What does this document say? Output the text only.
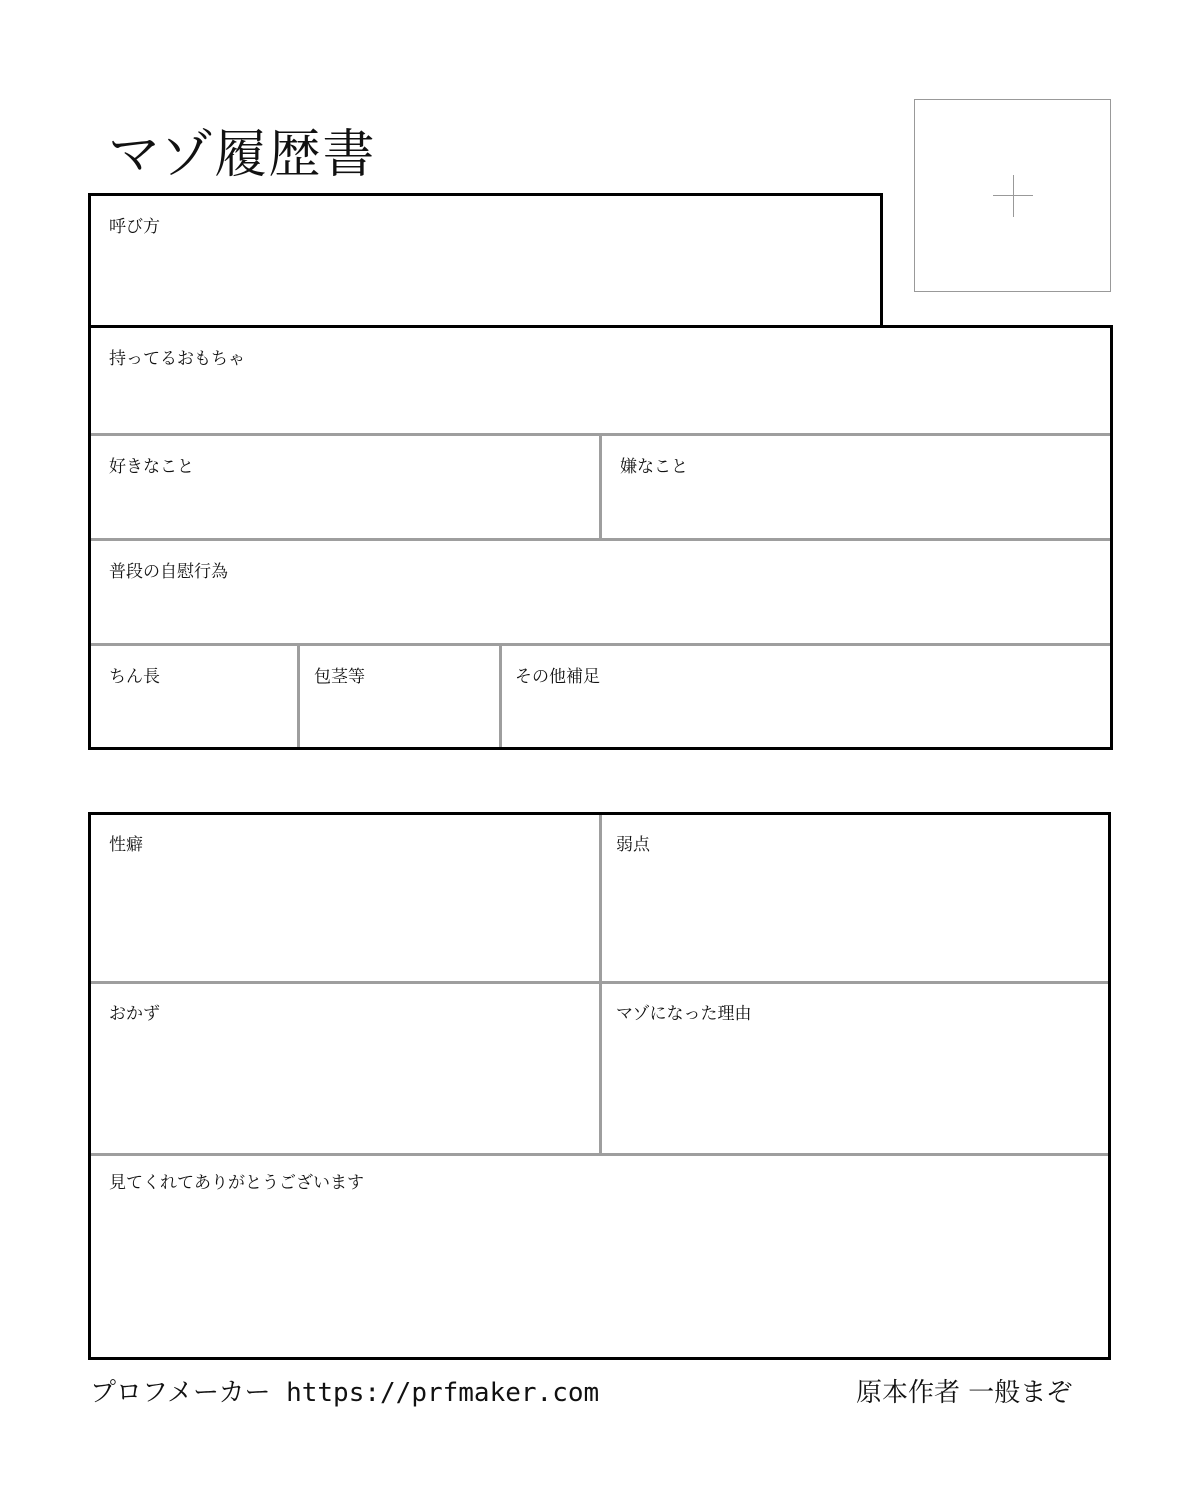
マゾ履歴書
呼び方
持ってるおもちゃ
好きなこと	嫌なこと
普段の自慰行為
ちん長	包茎等	その他補足
性癖	弱点
おかず	マゾになった理由
見てくれてありがとうございます
プロフメーカー https://prfmaker.com	原本作者 一般まぞ
